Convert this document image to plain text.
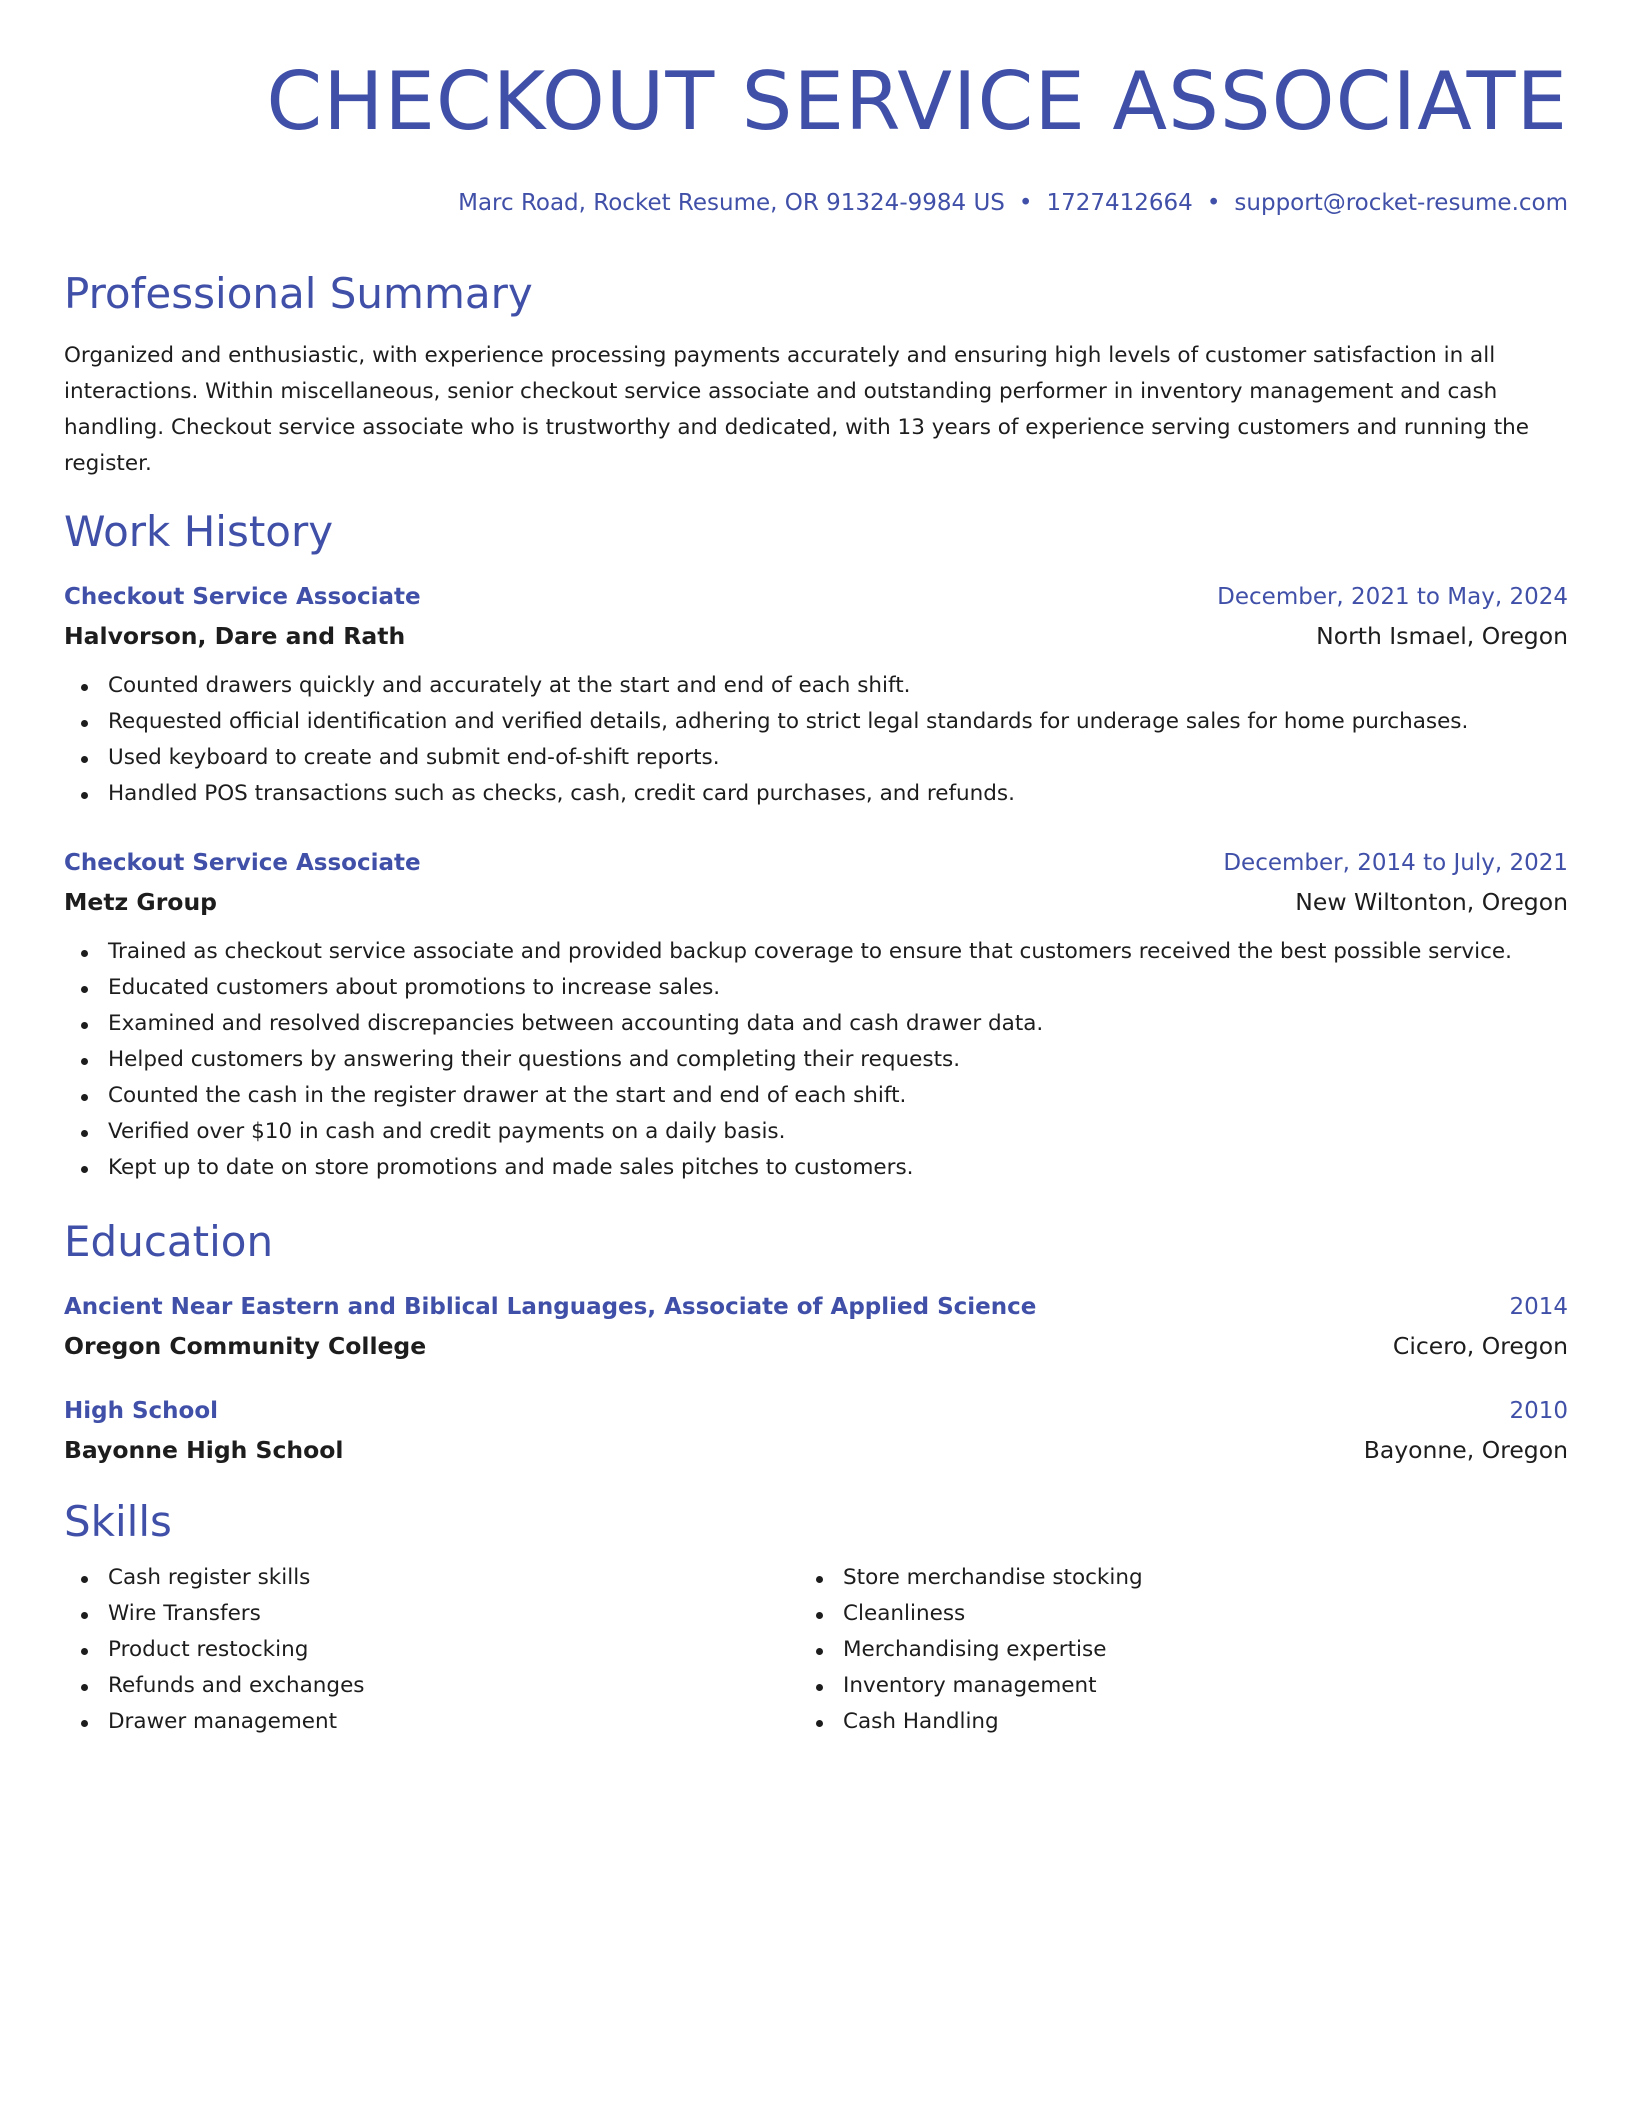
CHECKOUT SERVICE ASSOCIATE
Marc Road, Rocket Resume, OR 91324-9984 US • 1727412664 • support@rocket-resume.com
Professional Summary
Organized and enthusiastic, with experience processing payments accurately and ensuring high levels of customer satisfaction in all interactions. Within miscellaneous, senior checkout service associate and outstanding performer in inventory management and cash handling. Checkout service associate who is trustworthy and dedicated, with 13 years of experience serving customers and running the register.
Work History
Checkout Service Associate	December, 2021 to May, 2024
Halvorson, Dare and Rath	North Ismael, Oregon
Counted drawers quickly and accurately at the start and end of each shift.
Requested official identification and verified details, adhering to strict legal standards for underage sales for home purchases.
Used keyboard to create and submit end-of-shift reports.
Handled POS transactions such as checks, cash, credit card purchases, and refunds.
Checkout Service Associate	December, 2014 to July, 2021
Metz Group	New Wiltonton, Oregon
Trained as checkout service associate and provided backup coverage to ensure that customers received the best possible service.
Educated customers about promotions to increase sales.
Examined and resolved discrepancies between accounting data and cash drawer data.
Helped customers by answering their questions and completing their requests.
Counted the cash in the register drawer at the start and end of each shift.
Verified over $10 in cash and credit payments on a daily basis.
Kept up to date on store promotions and made sales pitches to customers.
Education
Ancient Near Eastern and Biblical Languages, Associate of Applied Science	2014
Oregon Community College	Cicero, Oregon
High School	2010
Bayonne High School	Bayonne, Oregon
Skills
Cash register skills
Wire Transfers
Product restocking
Refunds and exchanges
Drawer management
Store merchandise stocking
Cleanliness
Merchandising expertise
Inventory management
Cash Handling
